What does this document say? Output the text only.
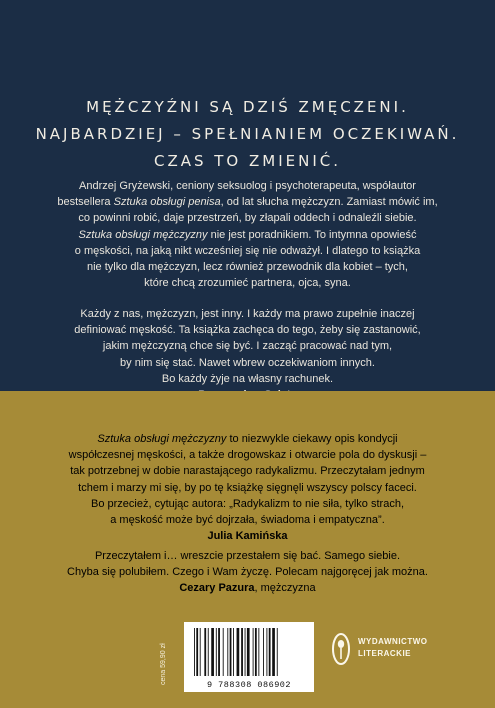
MĘŻCZYŹNI SĄ DZIŚ ZMĘCZENI.
NAJBARDZIEJ – SPEŁNIANIEM OCZEKIWAŃ.
CZAS TO ZMIENIĆ.
Andrzej Gryżewski, ceniony seksuolog i psychoterapeuta, współautor
bestsellera Sztuka obsługi penisa, od lat słucha mężczyzn. Zamiast mówić im,
co powinni robić, daje przestrzeń, by złapali oddech i odnaleźli siebie.
Sztuka obsługi mężczyzny nie jest poradnikiem. To intymna opowieść
o męskości, na jaką nikt wcześniej się nie odważył. I dlatego to książka
nie tylko dla mężczyzn, lecz również przewodnik dla kobiet – tych,
które chcą zrozumieć partnera, ojca, syna.
Każdy z nas, mężczyzn, jest inny. I każdy ma prawo zupełnie inaczej
definiować męskość. Ta książka zachęca do tego, żeby się zastanowić,
jakim mężczyzną chce się być. I zacząć pracować nad tym,
by nim się stać. Nawet wbrew oczekiwaniom innych.
Bo każdy żyje na własny rachunek.
Sztuka obsługi mężczyzny to niezwykle ciekawy opis kondycji
współczesnej męskości, a także drogowskaz i otwarcie pola do dyskusji –
tak potrzebnej w dobie narastającego radykalizmu. Przeczytałam jednym
tchem i marzy mi się, by po tę książkę sięgnęli wszyscy polscy faceci.
Bo przecież, cytując autora: „Radykalizm to nie siła, tylko strach,
a męskość może być dojrzała, świadoma i empatyczna”.
Julia Kamińska
Przeczytałem i… wreszcie przestałem się bać. Samego siebie.
Chyba się polubiłem. Czego i Wam życzę. Polecam najgoręcej jak można.
Cezary Pazura, mężczyzna
cena 59,90 zł	9 788308 086902
WYDAWNICTWO
LITERACKIE
